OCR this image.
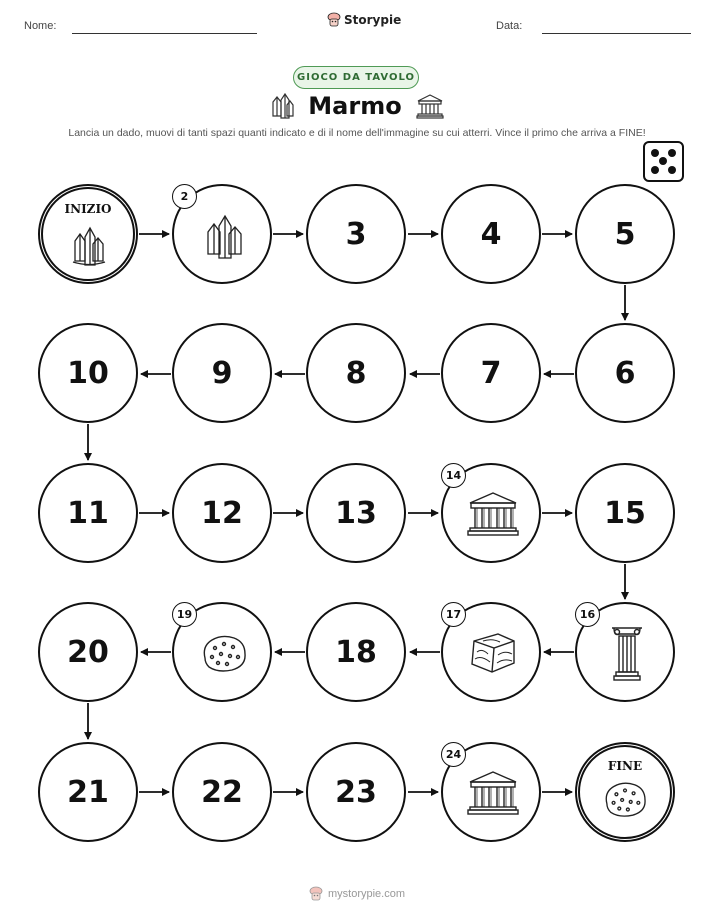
Nome:	Storypie	Data:
GIOCO DA TAVOLO
Marmo
Lancia un dado, muovi di tanti spazi quanti indicato e di il nome dell'immagine su cui atterri. Vince il primo che arriva a FINE!
INIZIO
2
3	4	5
6
7
8
9
10
11	12	13
14
15
16
17
18
19
20
21	22	23
24
FINE
mystorypie.com
